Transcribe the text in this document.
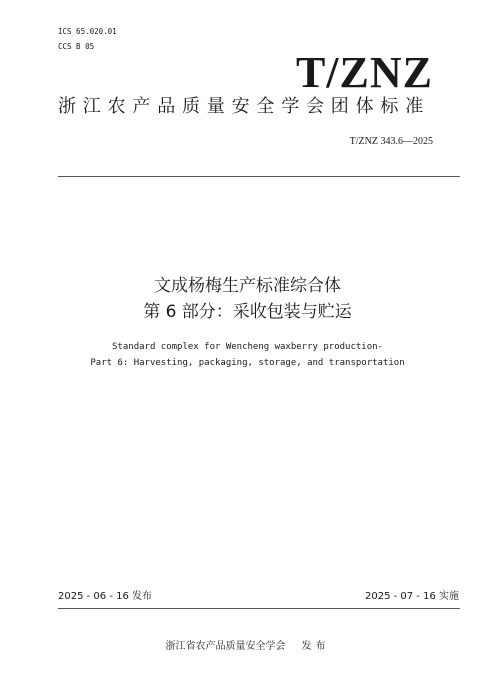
ICS 65.020.01
CCS B 05
T/ZNZ
浙江农产品质量安全学会团体标准
T/ZNZ 343.6—2025
文成杨梅生产标准综合体
第 6 部分：采收包装与贮运
Standard complex for Wencheng waxberry production-
Part 6: Harvesting, packaging, storage, and transportation
2025 - 06 - 16 发布	2025 - 07 - 16 实施
浙江省农产品质量安全学会 发布
